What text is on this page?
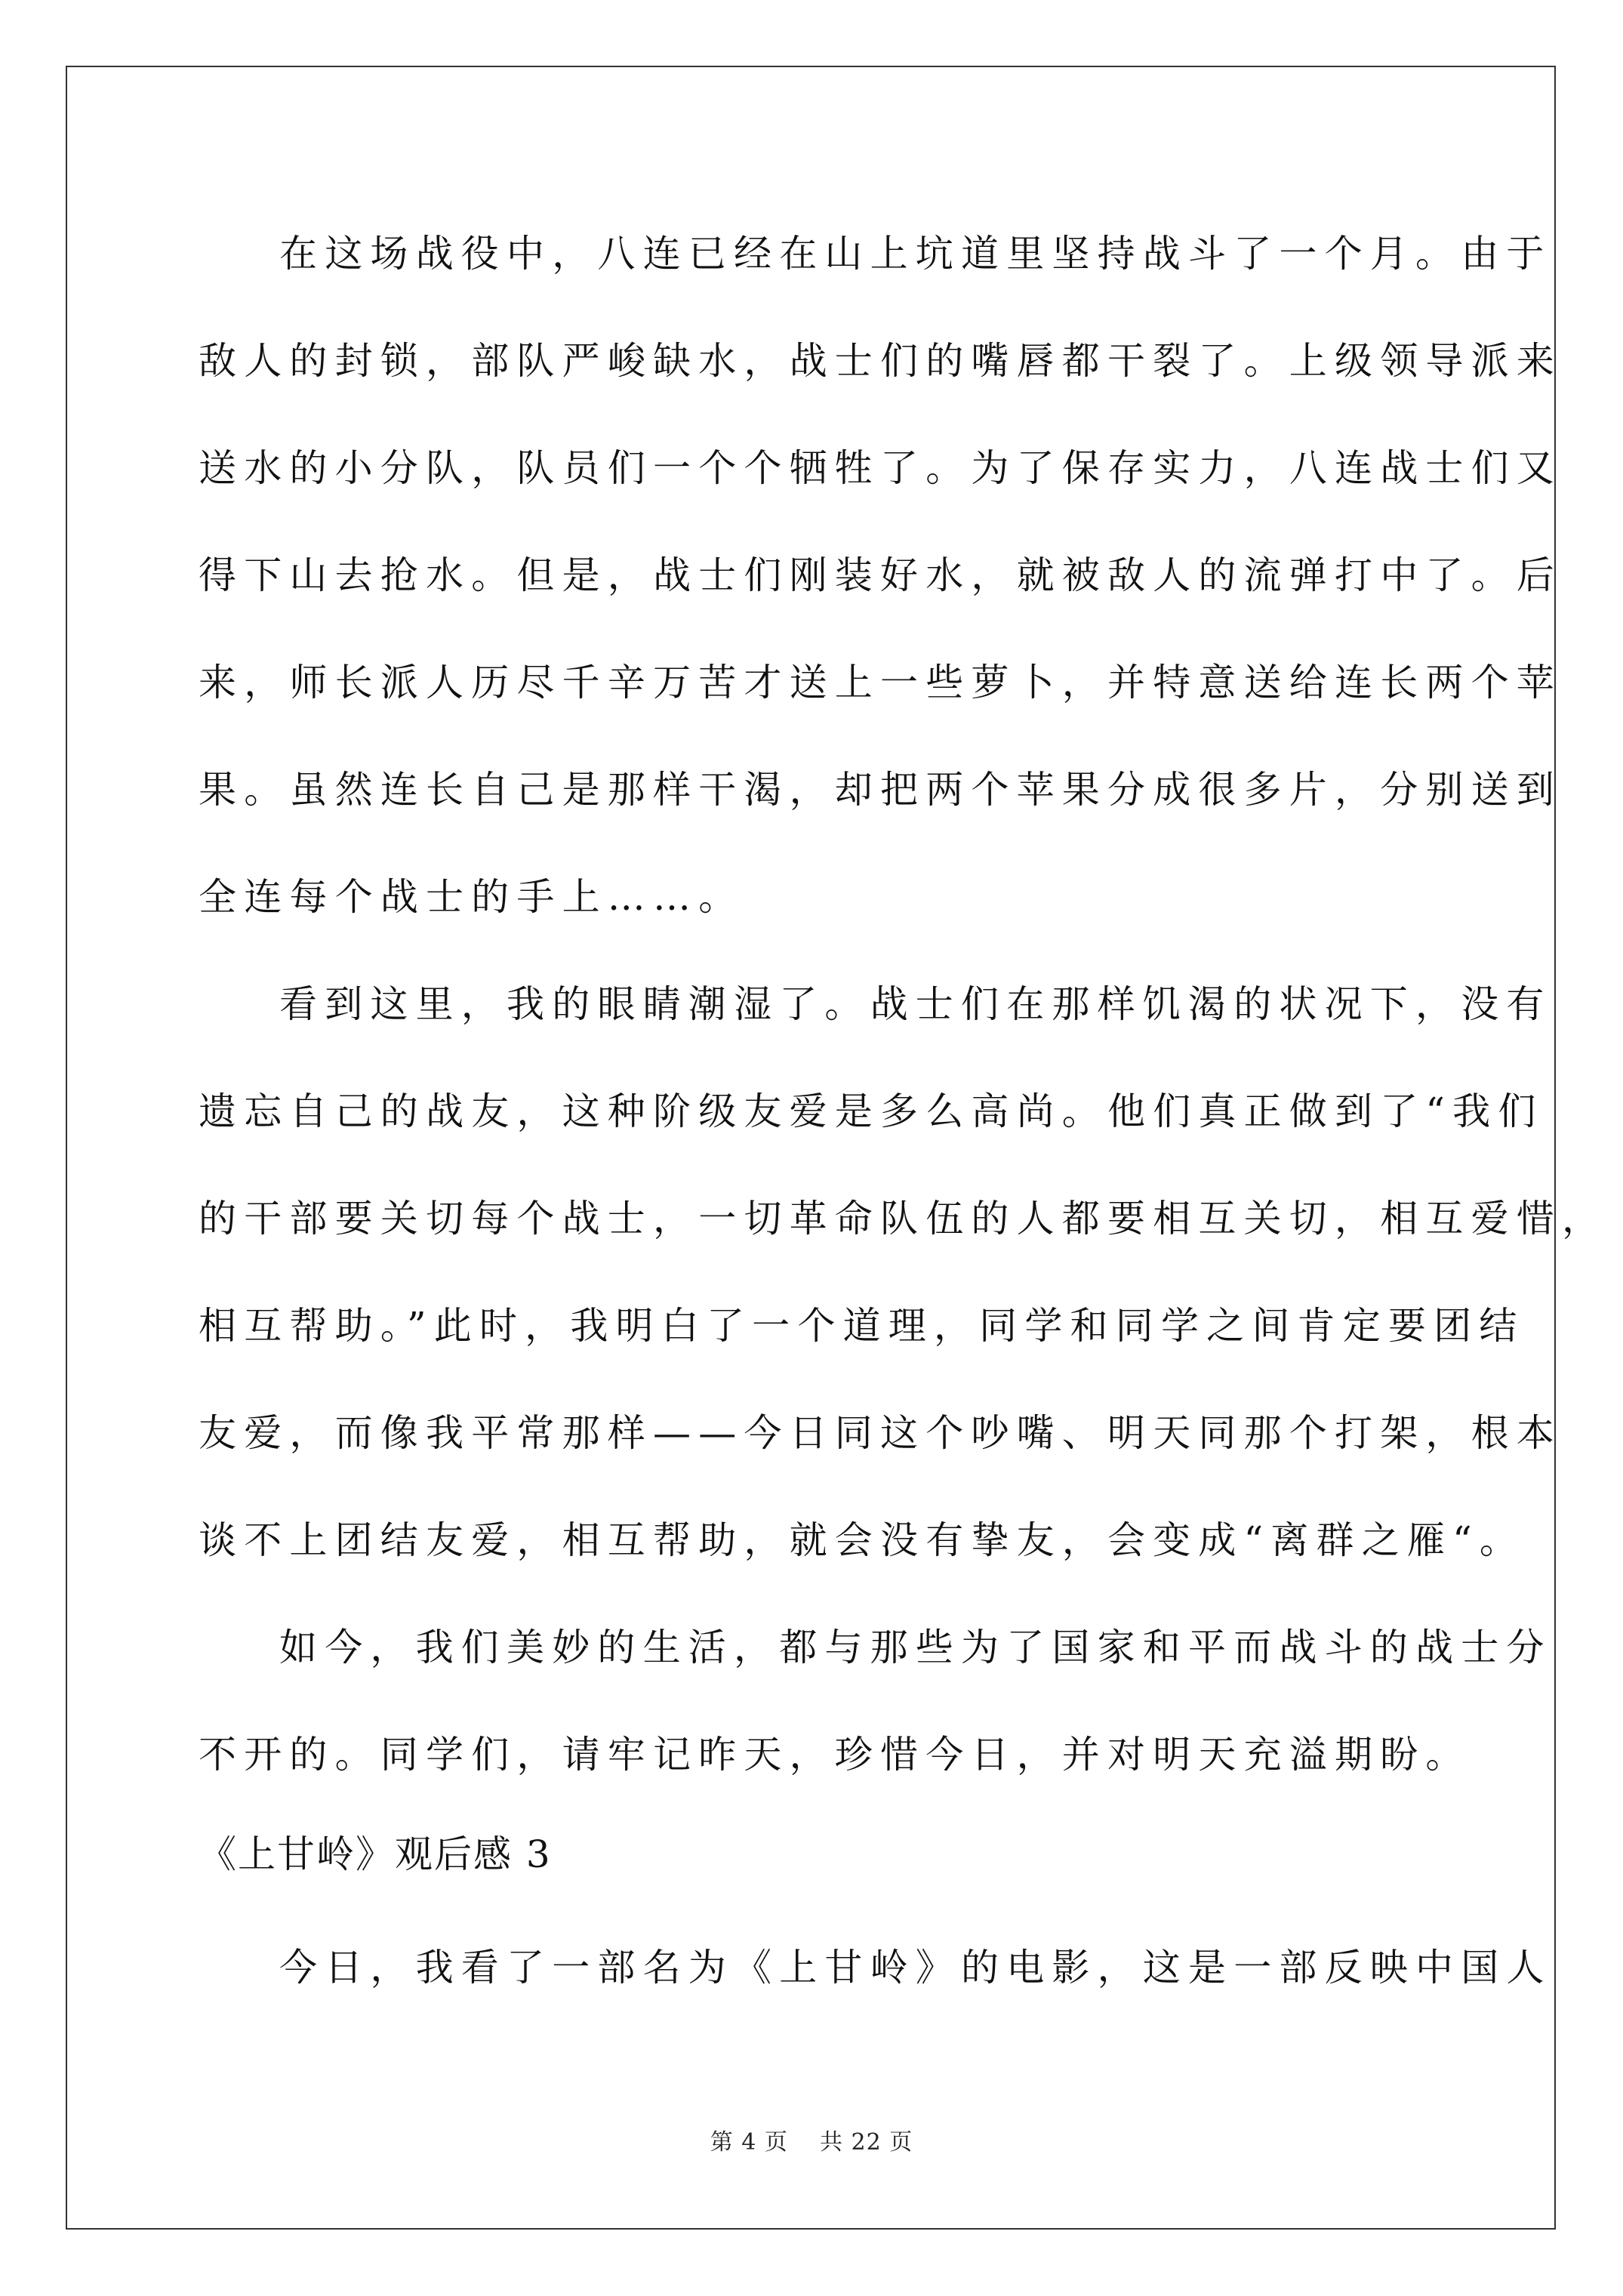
在这场战役中，八连已经在山上坑道里坚持战斗了一个月。由于
敌人的封锁，部队严峻缺水，战士们的嘴唇都干裂了。上级领导派来
送水的小分队，队员们一个个牺牲了。为了保存实力，八连战士们又
得下山去抢水。但是，战士们刚装好水，就被敌人的流弹打中了。后
来，师长派人历尽千辛万苦才送上一些萝卜，并特意送给连长两个苹
果。虽然连长自己是那样干渴，却把两个苹果分成很多片，分别送到
全连每个战士的手上……。
看到这里，我的眼睛潮湿了。战士们在那样饥渴的状况下，没有
遗忘自己的战友，这种阶级友爱是多么高尚。他们真正做到了“我们
的干部要关切每个战士，一切革命队伍的人都要相互关切，相互爱惜，
相互帮助。”此时，我明白了一个道理，同学和同学之间肯定要团结
友爱，而像我平常那样——今日同这个吵嘴、明天同那个打架，根本
谈不上团结友爱，相互帮助，就会没有挚友，会变成“离群之雁“。
如今，我们美妙的生活，都与那些为了国家和平而战斗的战士分
不开的。同学们，请牢记昨天，珍惜今日，并对明天充溢期盼。
《上甘岭》观后感 3
今日，我看了一部名为《上甘岭》的电影，这是一部反映中国人
第 4 页    共 22 页
